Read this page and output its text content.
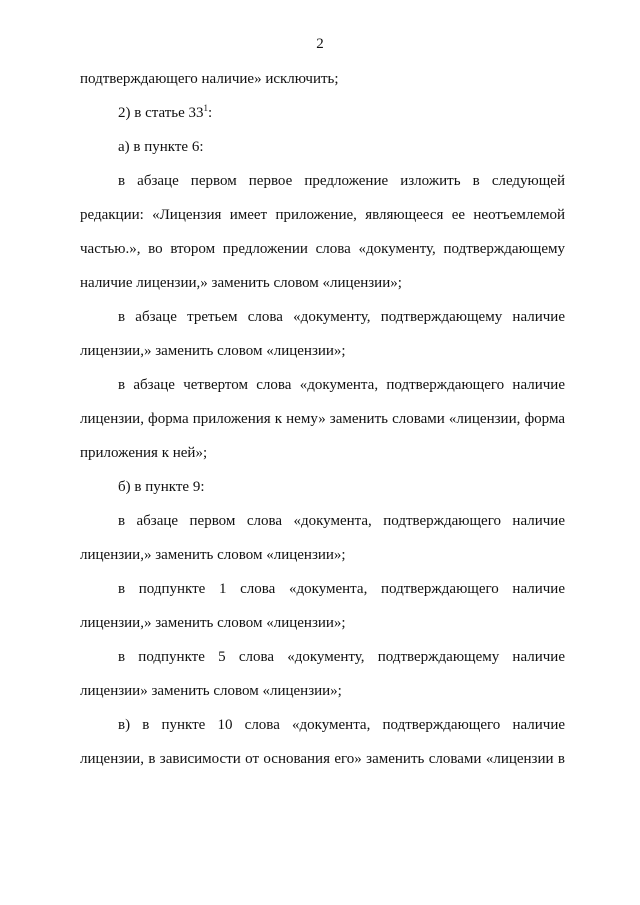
2
подтверждающего наличие» исключить;
2) в статье $33^1$:
а) в пункте 6:
в абзаце первом первое предложение изложить в следующей
редакции: «Лицензия имеет приложение, являющееся ее неотъемлемой
частью.», во втором предложении слова «документу, подтверждающему
наличие лицензии,» заменить словом «лицензии»;
в абзаце третьем слова «документу, подтверждающему наличие
лицензии,» заменить словом «лицензии»;
в абзаце четвертом слова «документа, подтверждающего наличие
лицензии, форма приложения к нему» заменить словами «лицензии, форма
приложения к ней»;
б) в пункте 9:
в абзаце первом слова «документа, подтверждающего наличие
лицензии,» заменить словом «лицензии»;
в подпункте 1 слова «документа, подтверждающего наличие
лицензии,» заменить словом «лицензии»;
в подпункте 5 слова «документу, подтверждающему наличие
лицензии» заменить словом «лицензии»;
в) в пункте 10 слова «документа, подтверждающего наличие
лицензии, в зависимости от основания его» заменить словами «лицензии в
